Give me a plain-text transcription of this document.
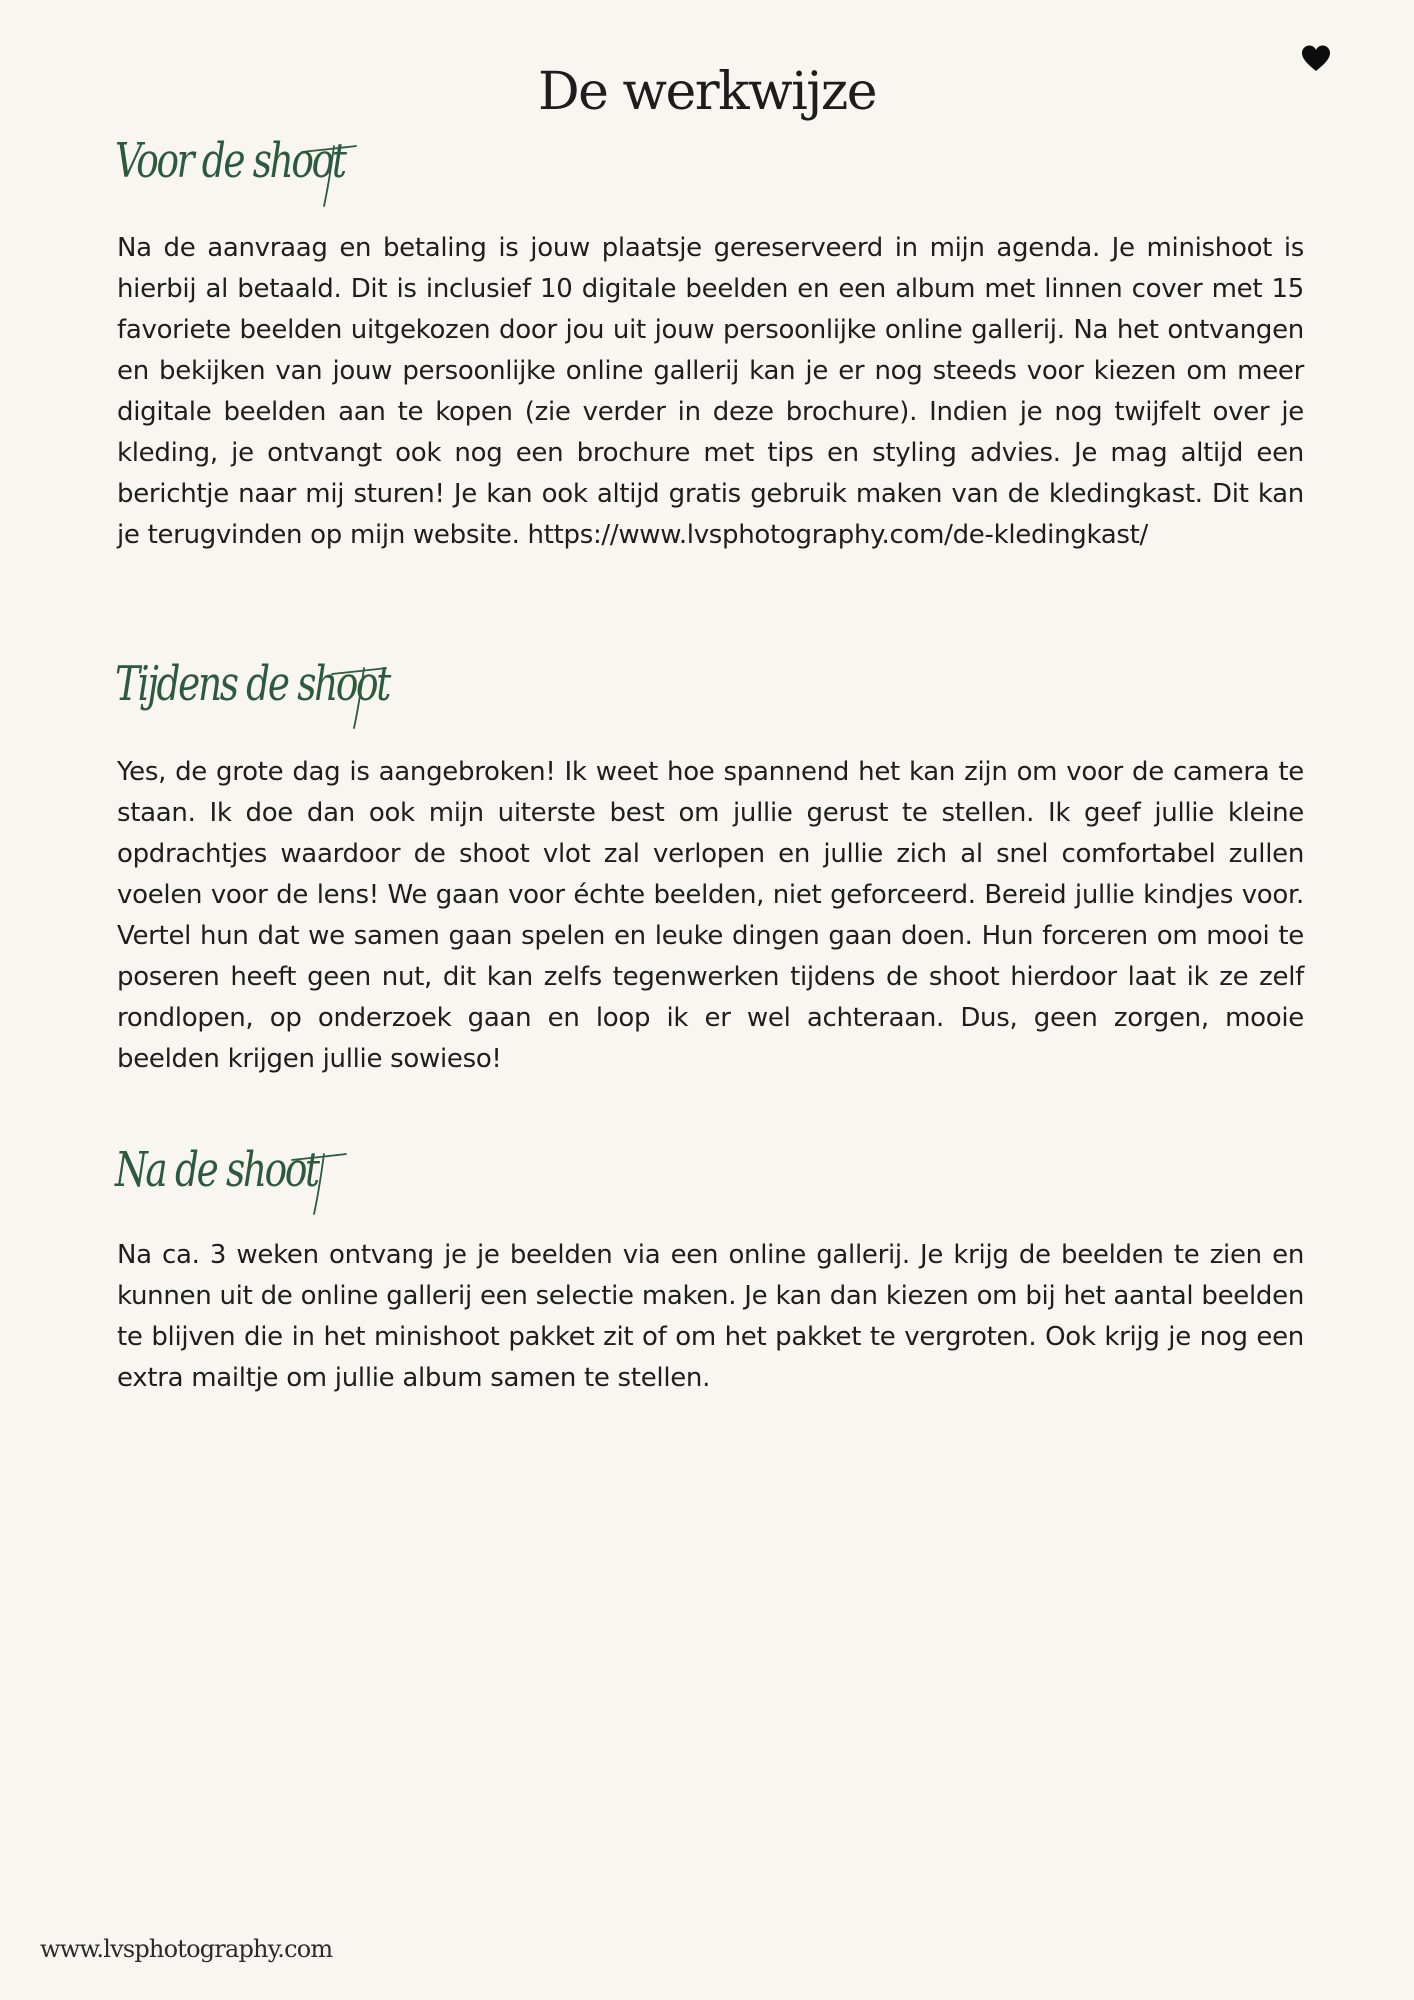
De werkwijze
Voor de shoot

Na de aanvraag en betaling is jouw plaatsje gereserveerd in mijn agenda. Je minishoot is hierbij al betaald. Dit is inclusief 10 digitale beelden en een album met linnen cover met 15 favoriete beelden uitgekozen door jou uit jouw persoonlijke online gallerij. Na het ontvangen en bekijken van jouw persoonlijke online gallerij kan je er nog steeds voor kiezen om meer digitale beelden aan te kopen (zie verder in deze brochure). Indien je nog twijfelt over je kleding, je ontvangt ook nog een brochure met tips en styling advies. Je mag altijd een berichtje naar mij sturen! Je kan ook altijd gratis gebruik maken van de kledingkast. Dit kan je terugvinden op mijn website. https://www.lvsphotography.com/de-kledingkast/

Tijdens de shoot

Yes, de grote dag is aangebroken! Ik weet hoe spannend het kan zijn om voor de camera te staan. Ik doe dan ook mijn uiterste best om jullie gerust te stellen. Ik geef jullie kleine opdrachtjes waardoor de shoot vlot zal verlopen en jullie zich al snel comfortabel zullen voelen voor de lens! We gaan voor échte beelden, niet geforceerd. Bereid jullie kindjes voor. Vertel hun dat we samen gaan spelen en leuke dingen gaan doen. Hun forceren om mooi te poseren heeft geen nut, dit kan zelfs tegenwerken tijdens de shoot hierdoor laat ik ze zelf rondlopen, op onderzoek gaan en loop ik er wel achteraan. Dus, geen zorgen, mooie beelden krijgen jullie sowieso!

Na de shoot

Na ca. 3 weken ontvang je je beelden via een online gallerij. Je krijg de beelden te zien en kunnen uit de online gallerij een selectie maken. Je kan dan kiezen om bij het aantal beelden te blijven die in het minishoot pakket zit of om het pakket te vergroten. Ook krijg je nog een extra mailtje om jullie album samen te stellen.

www.lvsphotography.com
